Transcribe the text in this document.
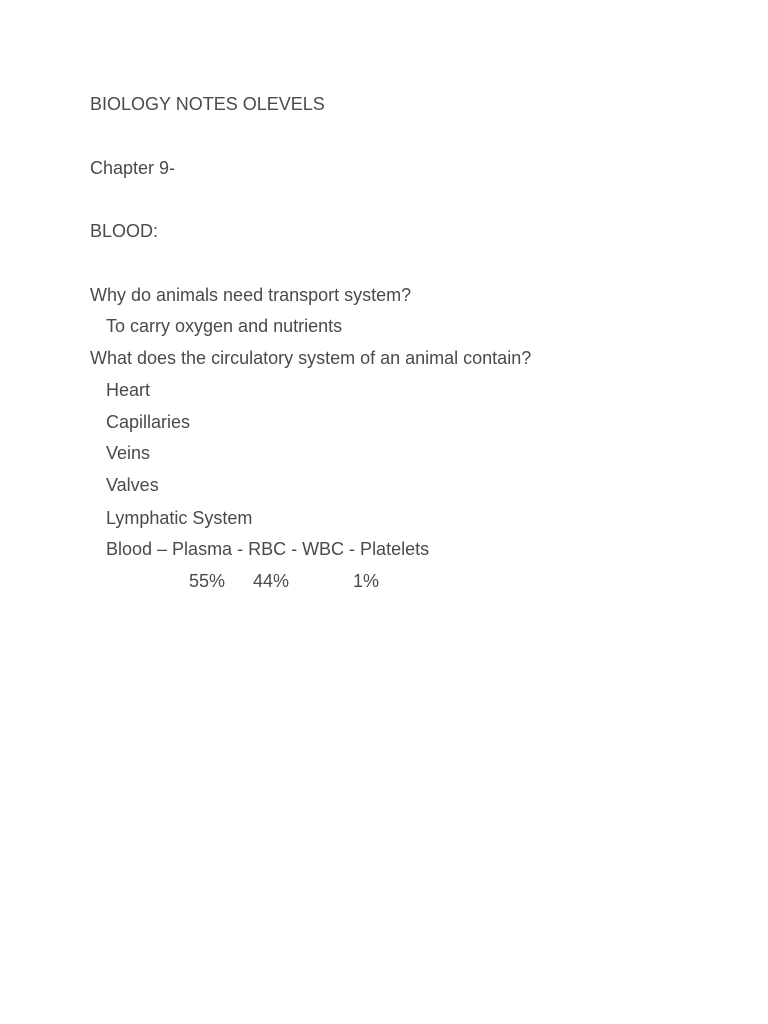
BIOLOGY NOTES OLEVELS
Chapter 9-
BLOOD:
Why do animals need transport system?
To carry oxygen and nutrients
What does the circulatory system of an animal contain?
Heart
Capillaries
Veins
Valves
Lymphatic System
Blood – Plasma - RBC - WBC - Platelets
55% 44%	1%
